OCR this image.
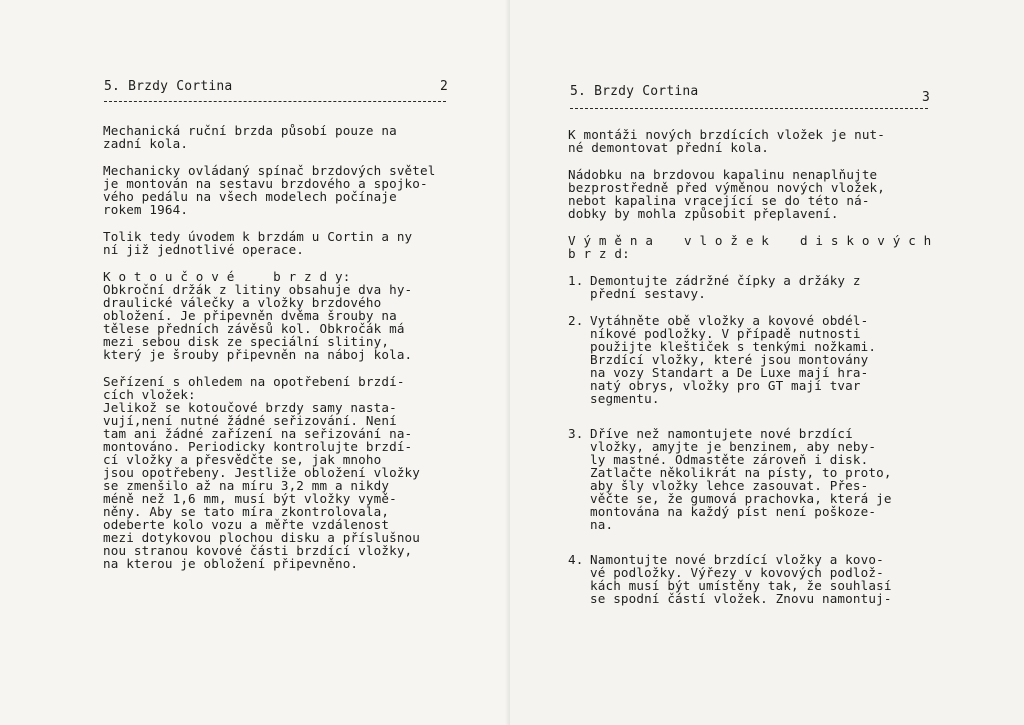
5. Brzdy Cortina	2
Mechanická ruční brzda působí pouze na
zadní kola.
Mechanicky ovládaný spínač brzdových světel
je montován na sestavu brzdového a spojko-
vého pedálu na všech modelech počínaje
rokem 1964.
Tolik tedy úvodem k brzdám u Cortin a ny
ní již jednotlivé operace.
K o t o u č o v é     b r z d y:
Obkroční držák z litiny obsahuje dva hy-
draulické válečky a vložky brzdového
obložení. Je připevněn dvěma šrouby na
tělese předních závěsů kol. Obkročák má
mezi sebou disk ze speciální slitiny,
který je šrouby připevněn na náboj kola.
Seřízení s ohledem na opotřebení brzdí-
cích vložek:
Jelikož se kotoučové brzdy samy nasta-
vují,není nutné žádné seřizování. Není
tam ani žádné zařízení na seřizování na-
montováno. Periodicky kontrolujte brzdí-
cí vložky a přesvědčte se, jak mnoho
jsou opotřebeny. Jestliže obložení vložky
se zmenšilo až na míru 3,2 mm a nikdy
méně než 1,6 mm, musí být vložky vymě-
něny. Aby se tato míra zkontrolovala,
odeberte kolo vozu a měřte vzdálenost
mezi dotykovou plochou disku a příslušnou
nou stranou kovové části brzdící vložky,
na kterou je obložení připevněno.
5. Brzdy Cortina	3
K montáži nových brzdících vložek je nut-
né demontovat přední kola.
Nádobku na brzdovou kapalinu nenaplňujte
bezprostředně před výměnou nových vložek,
nebot kapalina vracející se do této ná-
dobky by mohla způsobit přeplavení.
V ý m ě n a    v l o ž e k    d i s k o v ý c h
b r z d:
1. Demontujte zádržné čípky a držáky z
přední sestavy.
2. Vytáhněte obě vložky a kovové obdél-
níkové podložky. V případě nutnosti
použijte kleštiček s tenkými nožkami.
Brzdící vložky, které jsou montovány
na vozy Standart a De Luxe mají hra-
natý obrys, vložky pro GT mají tvar
segmentu.
3. Dříve než namontujete nové brzdící
vložky, amyjte je benzinem, aby neby-
ly mastné. Odmastěte zároveň i disk.
Zatlačte několikrát na písty, to proto,
aby šly vložky lehce zasouvat. Přes-
věčte se, že gumová prachovka, která je
montována na každý píst není poškoze-
na.
4. Namontujte nové brzdící vložky a kovo-
vé podložky. Výřezy v kovových podlož-
kách musí být umístěny tak, že souhlasí
se spodní částí vložek. Znovu namontuj-
